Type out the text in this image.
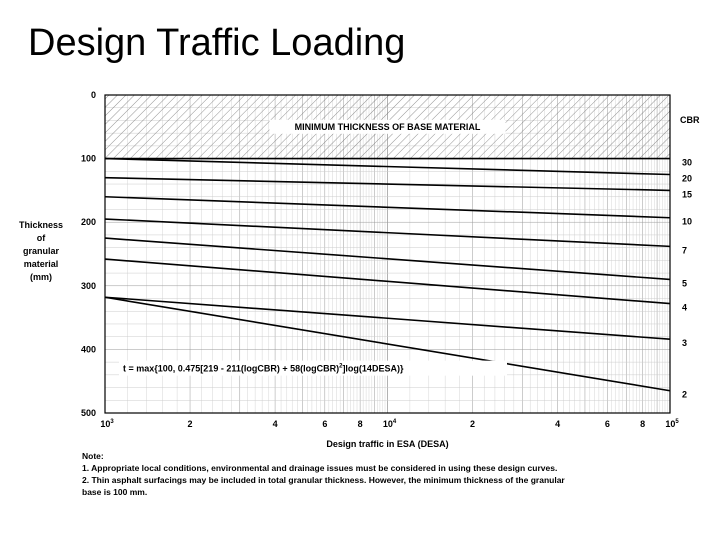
Design Traffic Loading
MINIMUM THICKNESS OF BASE MATERIAL
30
20
15
10
7
5
4
3
2
CBR
0
100
200
300
400
500
$10^3$	2	4	6	8 $10^4$	2	4	6	8 $10^5$
Thickness
of
granular
material
(mm)
Design traffic in ESA (DESA)
t = max{100, 0.475[219 - 211(logCBR) + 58(logCBR)$^2$]log(14DESA)}
Note:
1. Appropriate local conditions, environmental and drainage issues must be considered in using these design curves.
2. Thin asphalt surfacings may be included in total granular thickness. However, the minimum thickness of the granular
base is 100 mm.
